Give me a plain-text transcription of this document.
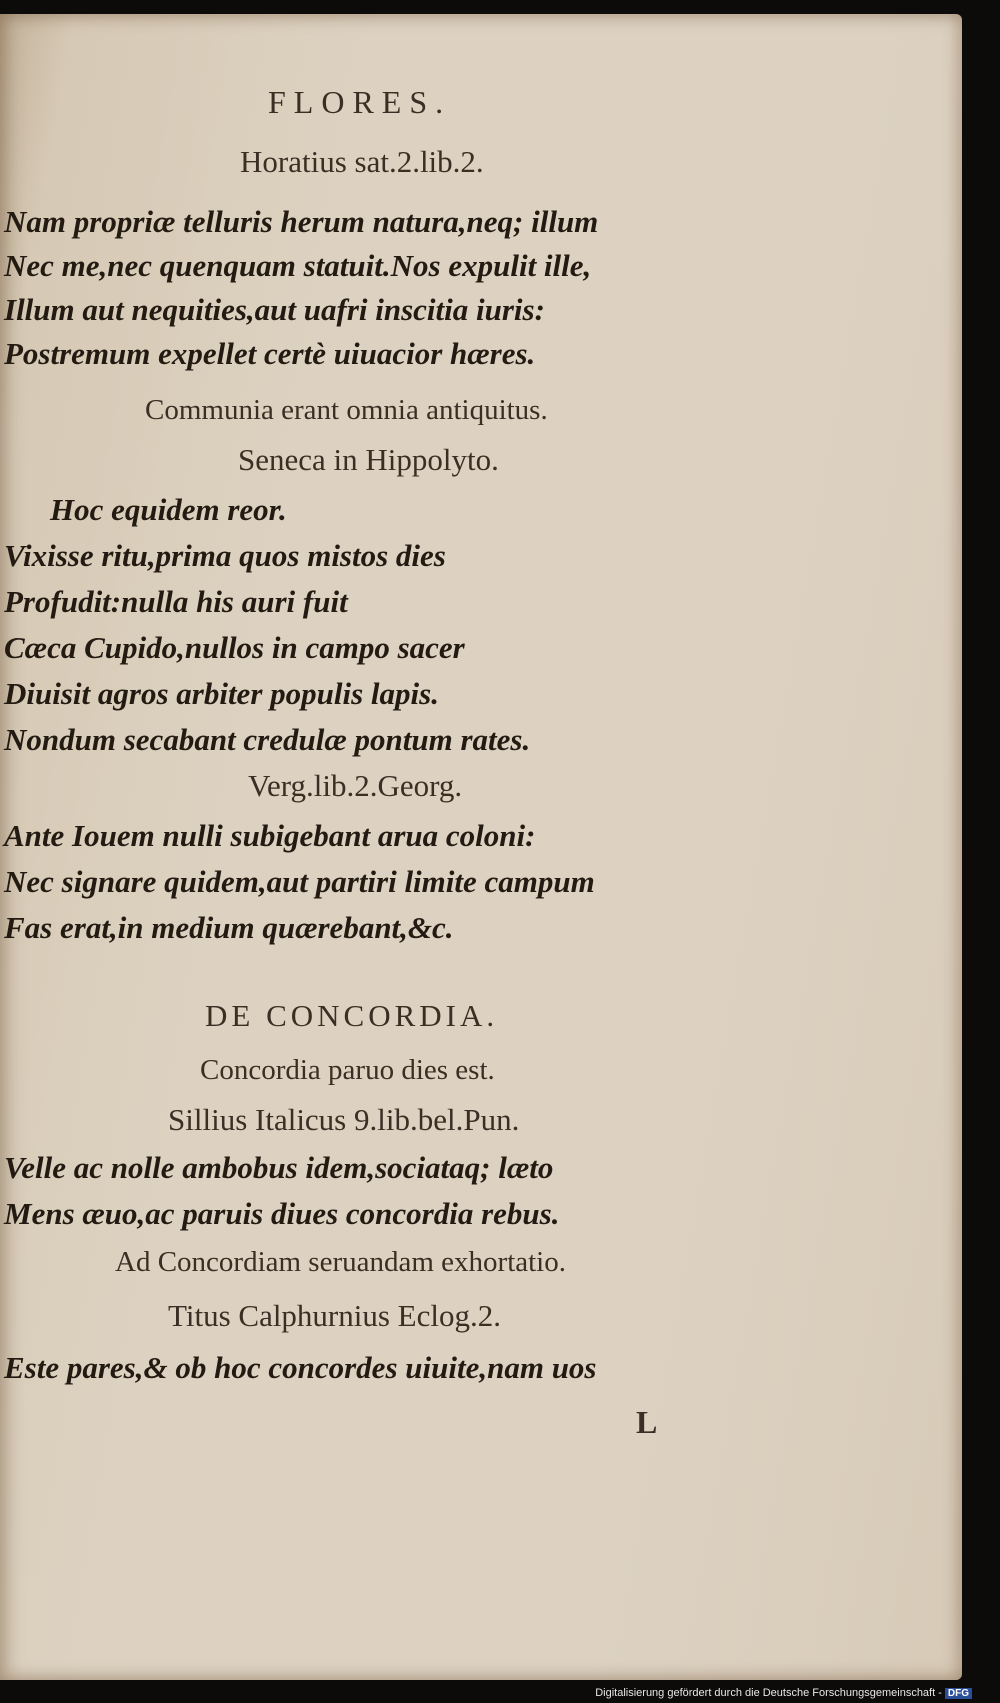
FLORES.
Horatius sat.2.lib.2.
Nam propriæ telluris herum natura,neq; illum
Nec me,nec quenquam statuit.Nos expulit ille,
Illum aut nequities,aut uafri inscitia iuris:
Postremum expellet certè uiuacior hæres.
Communia erant omnia antiquitus.
Seneca in Hippolyto.
Hoc equidem reor.
Vixisse ritu,prima quos mistos dies
Profudit:nulla his auri fuit
Cæca Cupido,nullos in campo sacer
Diuisit agros arbiter populis lapis.
Nondum secabant credulæ pontum rates.
Verg.lib.2.Georg.
Ante Iouem nulli subigebant arua coloni:
Nec signare quidem,aut partiri limite campum
Fas erat,in medium quærebant,&c.
DE CONCORDIA.
Concordia paruo dies est.
Sillius Italicus 9.lib.bel.Pun.
Velle ac nolle ambobus idem,sociataq; læto
Mens æuo,ac paruis diues concordia rebus.
Ad Concordiam seruandam exhortatio.
Titus Calphurnius Eclog.2.
Este pares,& ob hoc concordes uiuite,nam uos
L
Digitalisierung gefördert durch die Deutsche Forschungsgemeinschaft - DFG
